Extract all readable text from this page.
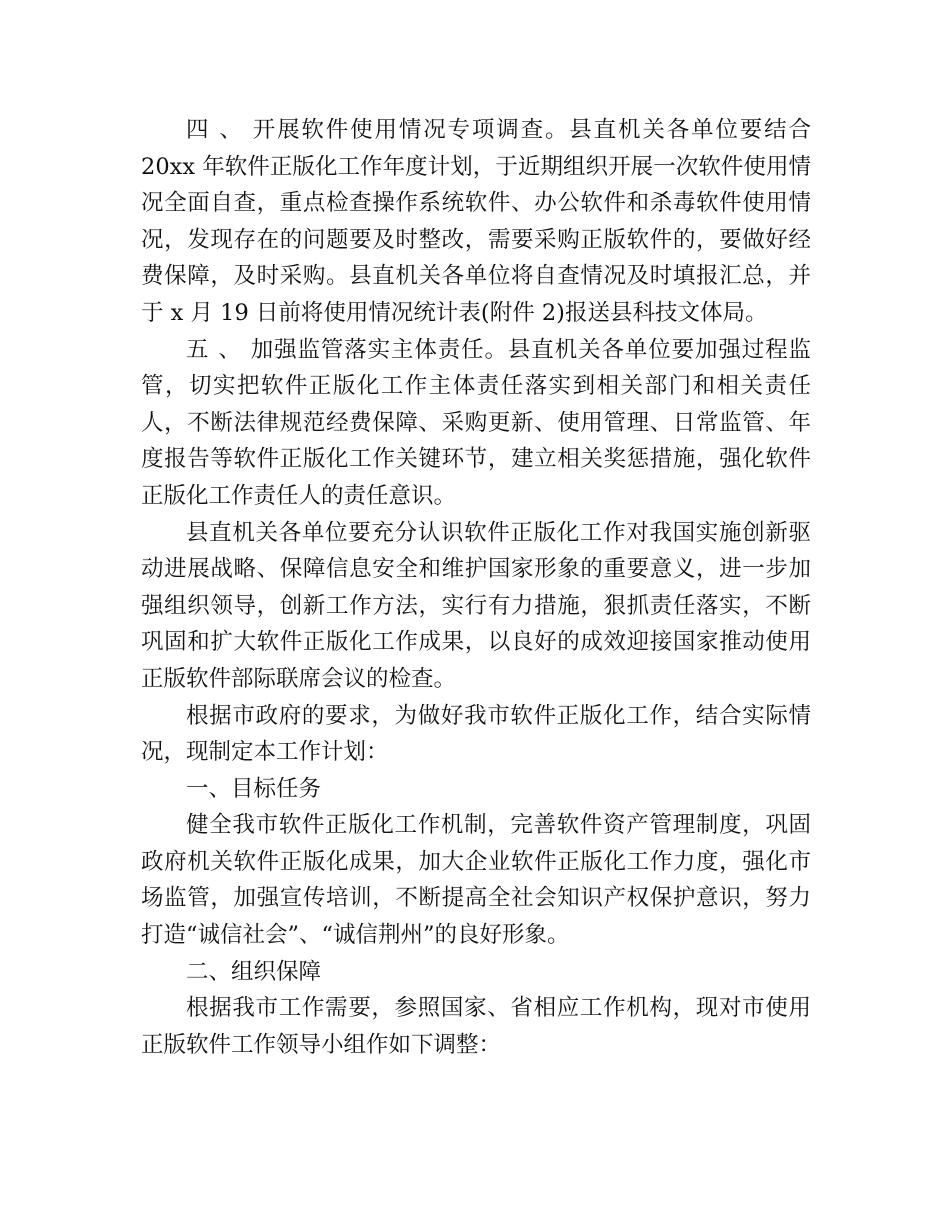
四、开展软件使用情况专项调查。县直机关各单位要结合 20xx 年软件正版化工作年度计划，于近期组织开展一次软件使用情况全面自查，重点检查操作系统软件、办公软件和杀毒软件使用情况，发现存在的问题要及时整改，需要采购正版软件的，要做好经费保障，及时采购。县直机关各单位将自查情况及时填报汇总，并于 x 月 19 日前将使用情况统计表(附件 2)报送县科技文体局。

五、加强监管落实主体责任。县直机关各单位要加强过程监管，切实把软件正版化工作主体责任落实到相关部门和相关责任人，不断法律规范经费保障、采购更新、使用管理、日常监管、年度报告等软件正版化工作关键环节，建立相关奖惩措施，强化软件正版化工作责任人的责任意识。

县直机关各单位要充分认识软件正版化工作对我国实施创新驱动进展战略、保障信息安全和维护国家形象的重要意义，进一步加强组织领导，创新工作方法，实行有力措施，狠抓责任落实，不断巩固和扩大软件正版化工作成果，以良好的成效迎接国家推动使用正版软件部际联席会议的检查。

根据市政府的要求，为做好我市软件正版化工作，结合实际情况，现制定本工作计划：

一、目标任务

健全我市软件正版化工作机制，完善软件资产管理制度，巩固政府机关软件正版化成果，加大企业软件正版化工作力度，强化市场监管，加强宣传培训，不断提高全社会知识产权保护意识，努力打造“诚信社会”、“诚信荆州”的良好形象。

二、组织保障

根据我市工作需要，参照国家、省相应工作机构，现对市使用正版软件工作领导小组作如下调整：
